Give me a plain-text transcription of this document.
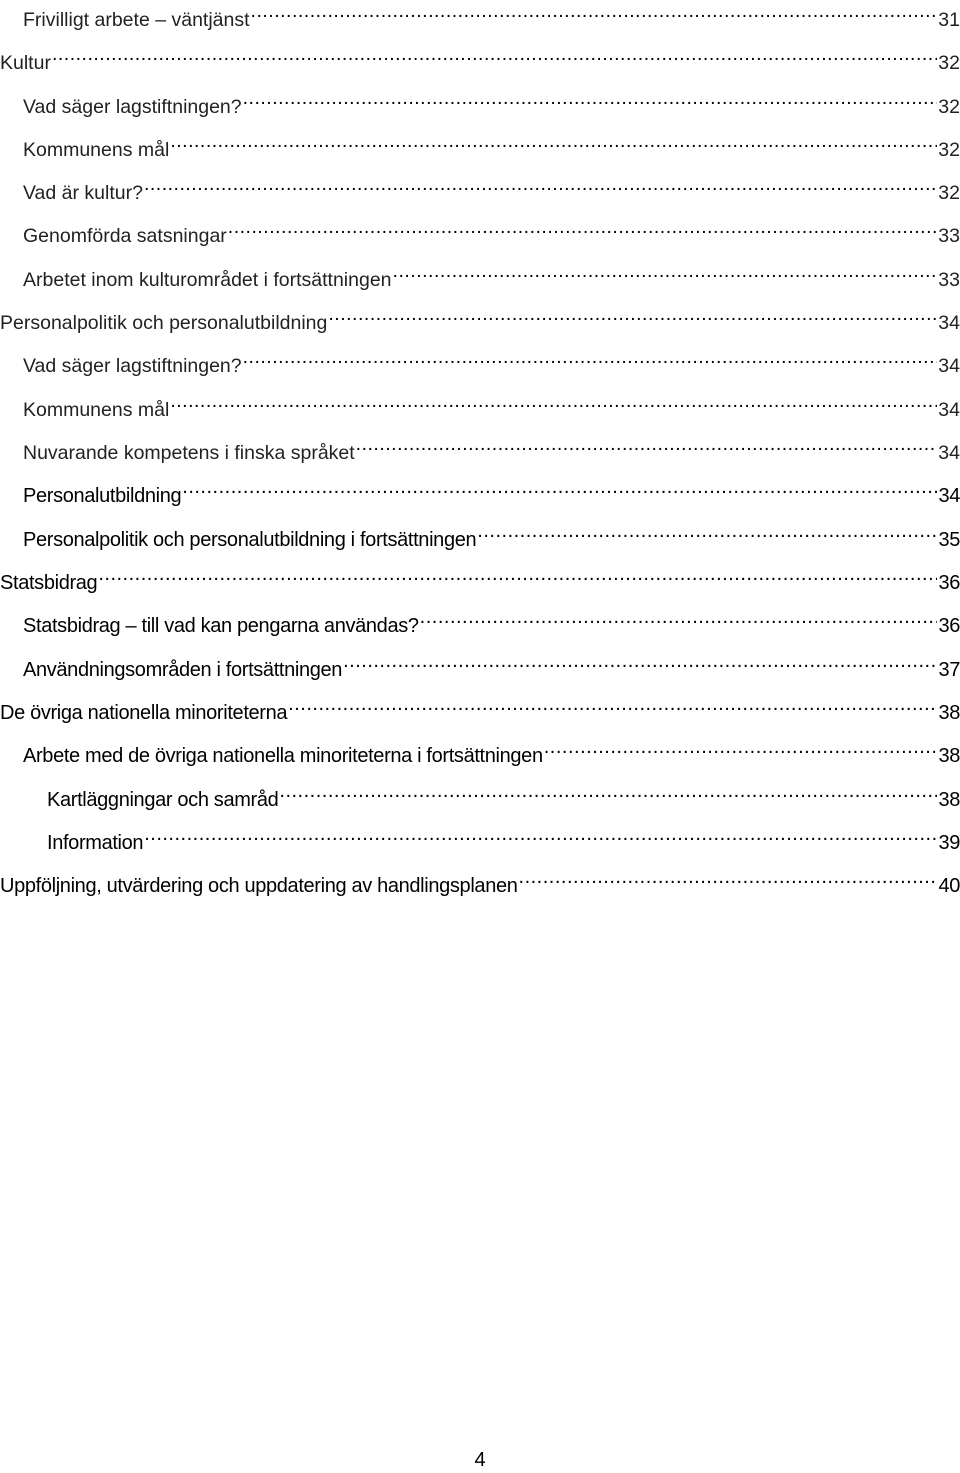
Frivilligt arbete – väntjänst .....	31
Kultur .....	32
Vad säger lagstiftningen? .....	32
Kommunens mål .....	32
Vad är kultur? .....	32
Genomförda satsningar .....	33
Arbetet inom kulturområdet i fortsättningen .....	33
Personalpolitik och personalutbildning .....	34
Vad säger lagstiftningen? .....	34
Kommunens mål .....	34
Nuvarande kompetens i finska språket .....	34
Personalutbildning .....	34
Personalpolitik och personalutbildning i fortsättningen .....	35
Statsbidrag .....	36
Statsbidrag – till vad kan pengarna användas? .....	36
Användningsområden i fortsättningen .....	37
De övriga nationella minoriteterna .....	38
Arbete med de övriga nationella minoriteterna i fortsättningen .....	38
Kartläggningar och samråd .....	38
Information .....	39
Uppföljning, utvärdering och uppdatering av handlingsplanen .....	40
4
